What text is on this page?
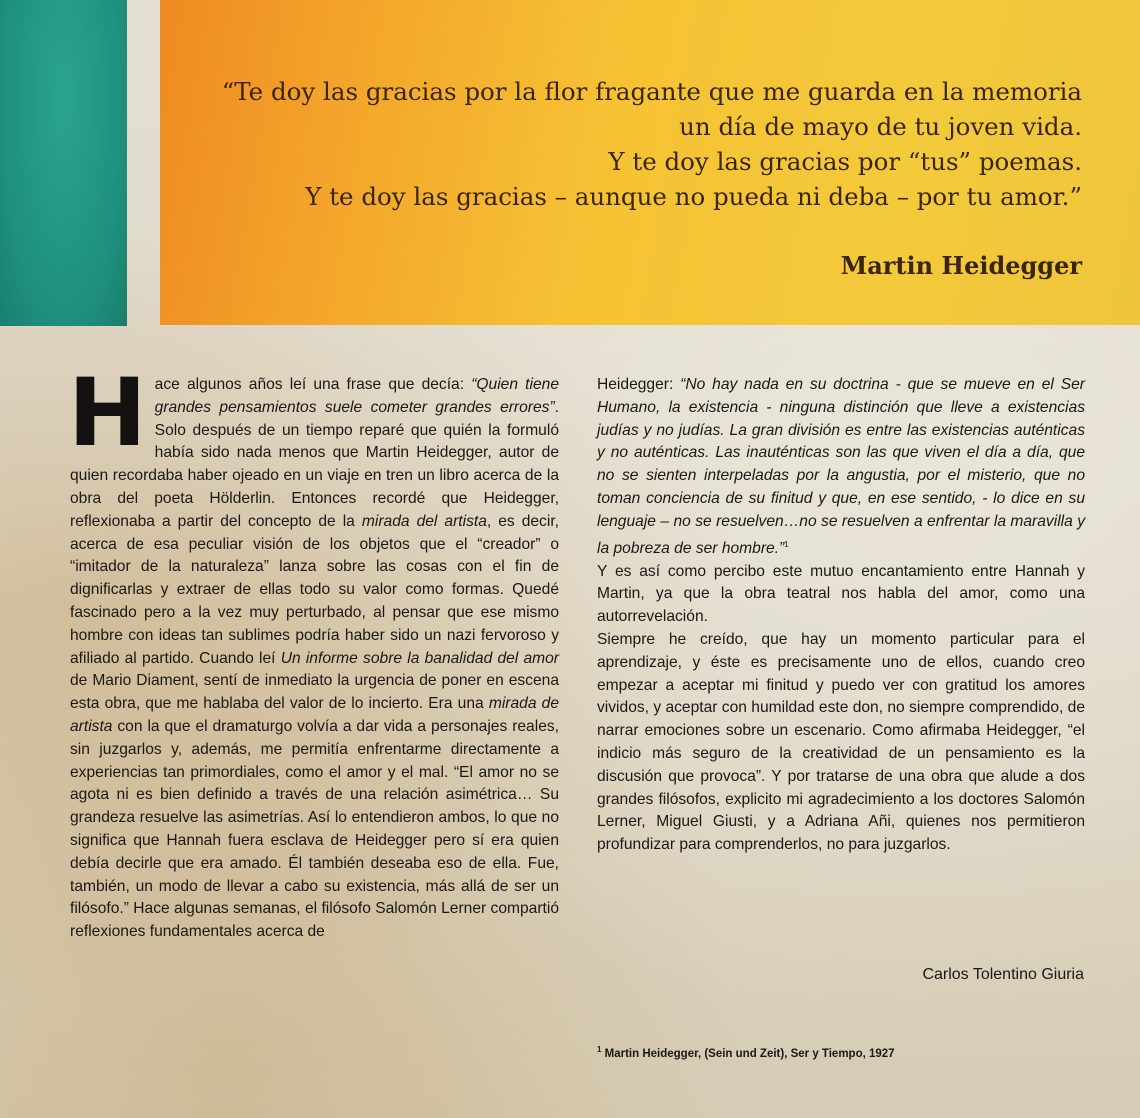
“Te doy las gracias por la flor fragante que me guarda en la memoria
un día de mayo de tu joven vida.
Y te doy las gracias por “tus” poemas.
Y te doy las gracias – aunque no pueda ni deba – por tu amor.”
Martin Heidegger

Hace algunos años leí una frase que decía: “Quien tiene grandes pensamientos suele cometer grandes errores”. Solo después de un tiempo reparé que quién la formuló había sido nada menos que Martin Heidegger, autor de quien recordaba haber ojeado en un viaje en tren un libro acerca de la obra del poeta Hölderlin. Entonces recordé que Heidegger, reflexionaba a partir del concepto de la mirada del artista, es decir, acerca de esa peculiar visión de los objetos que el “creador” o “imitador de la naturaleza” lanza sobre las cosas con el fin de dignificarlas y extraer de ellas todo su valor como formas. Quedé fascinado pero a la vez muy perturbado, al pensar que ese mismo hombre con ideas tan sublimes podría haber sido un nazi fervoroso y afiliado al partido. Cuando leí Un informe sobre la banalidad del amor de Mario Diament, sentí de inmediato la urgencia de poner en escena esta obra, que me hablaba del valor de lo incierto. Era una mirada de artista con la que el dramaturgo volvía a dar vida a personajes reales, sin juzgarlos y, además, me permitía enfrentarme directamente a experiencias tan primordiales, como el amor y el mal. “El amor no se agota ni es bien definido a través de una relación asimétrica… Su grandeza resuelve las asimetrías. Así lo entendieron ambos, lo que no significa que Hannah fuera esclava de Heidegger pero sí era quien debía decirle que era amado. Él también deseaba eso de ella. Fue, también, un modo de llevar a cabo su existencia, más allá de ser un filósofo.” Hace algunas semanas, el filósofo Salomón Lerner compartió reflexiones fundamentales acerca de

Heidegger: “No hay nada en su doctrina - que se mueve en el Ser Humano, la existencia - ninguna distinción que lleve a existencias judías y no judías. La gran división es entre las existencias auténticas y no auténticas. Las inauténticas son las que viven el día a día, que no se sienten interpeladas por la angustia, por el misterio, que no toman conciencia de su finitud y que, en ese sentido, - lo dice en su lenguaje – no se resuelven…no se resuelven a enfrentar la maravilla y la pobreza de ser hombre.”$^1$

Y es así como percibo este mutuo encantamiento entre Hannah y Martin, ya que la obra teatral nos habla del amor, como una autorrevelación.

Siempre he creído, que hay un momento particular para el aprendizaje, y éste es precisamente uno de ellos, cuando creo empezar a aceptar mi finitud y puedo ver con gratitud los amores vividos, y aceptar con humildad este don, no siempre comprendido, de narrar emociones sobre un escenario. Como afirmaba Heidegger, “el indicio más seguro de la creatividad de un pensamiento es la discusión que provoca”. Y por tratarse de una obra que alude a dos grandes filósofos, explicito mi agradecimiento a los doctores Salomón Lerner, Miguel Giusti, y a Adriana Añi, quienes nos permitieron profundizar para comprenderlos, no para juzgarlos.

Carlos Tolentino Giuria
$^1$ Martin Heidegger, (Sein und Zeit), Ser y Tiempo, 1927
